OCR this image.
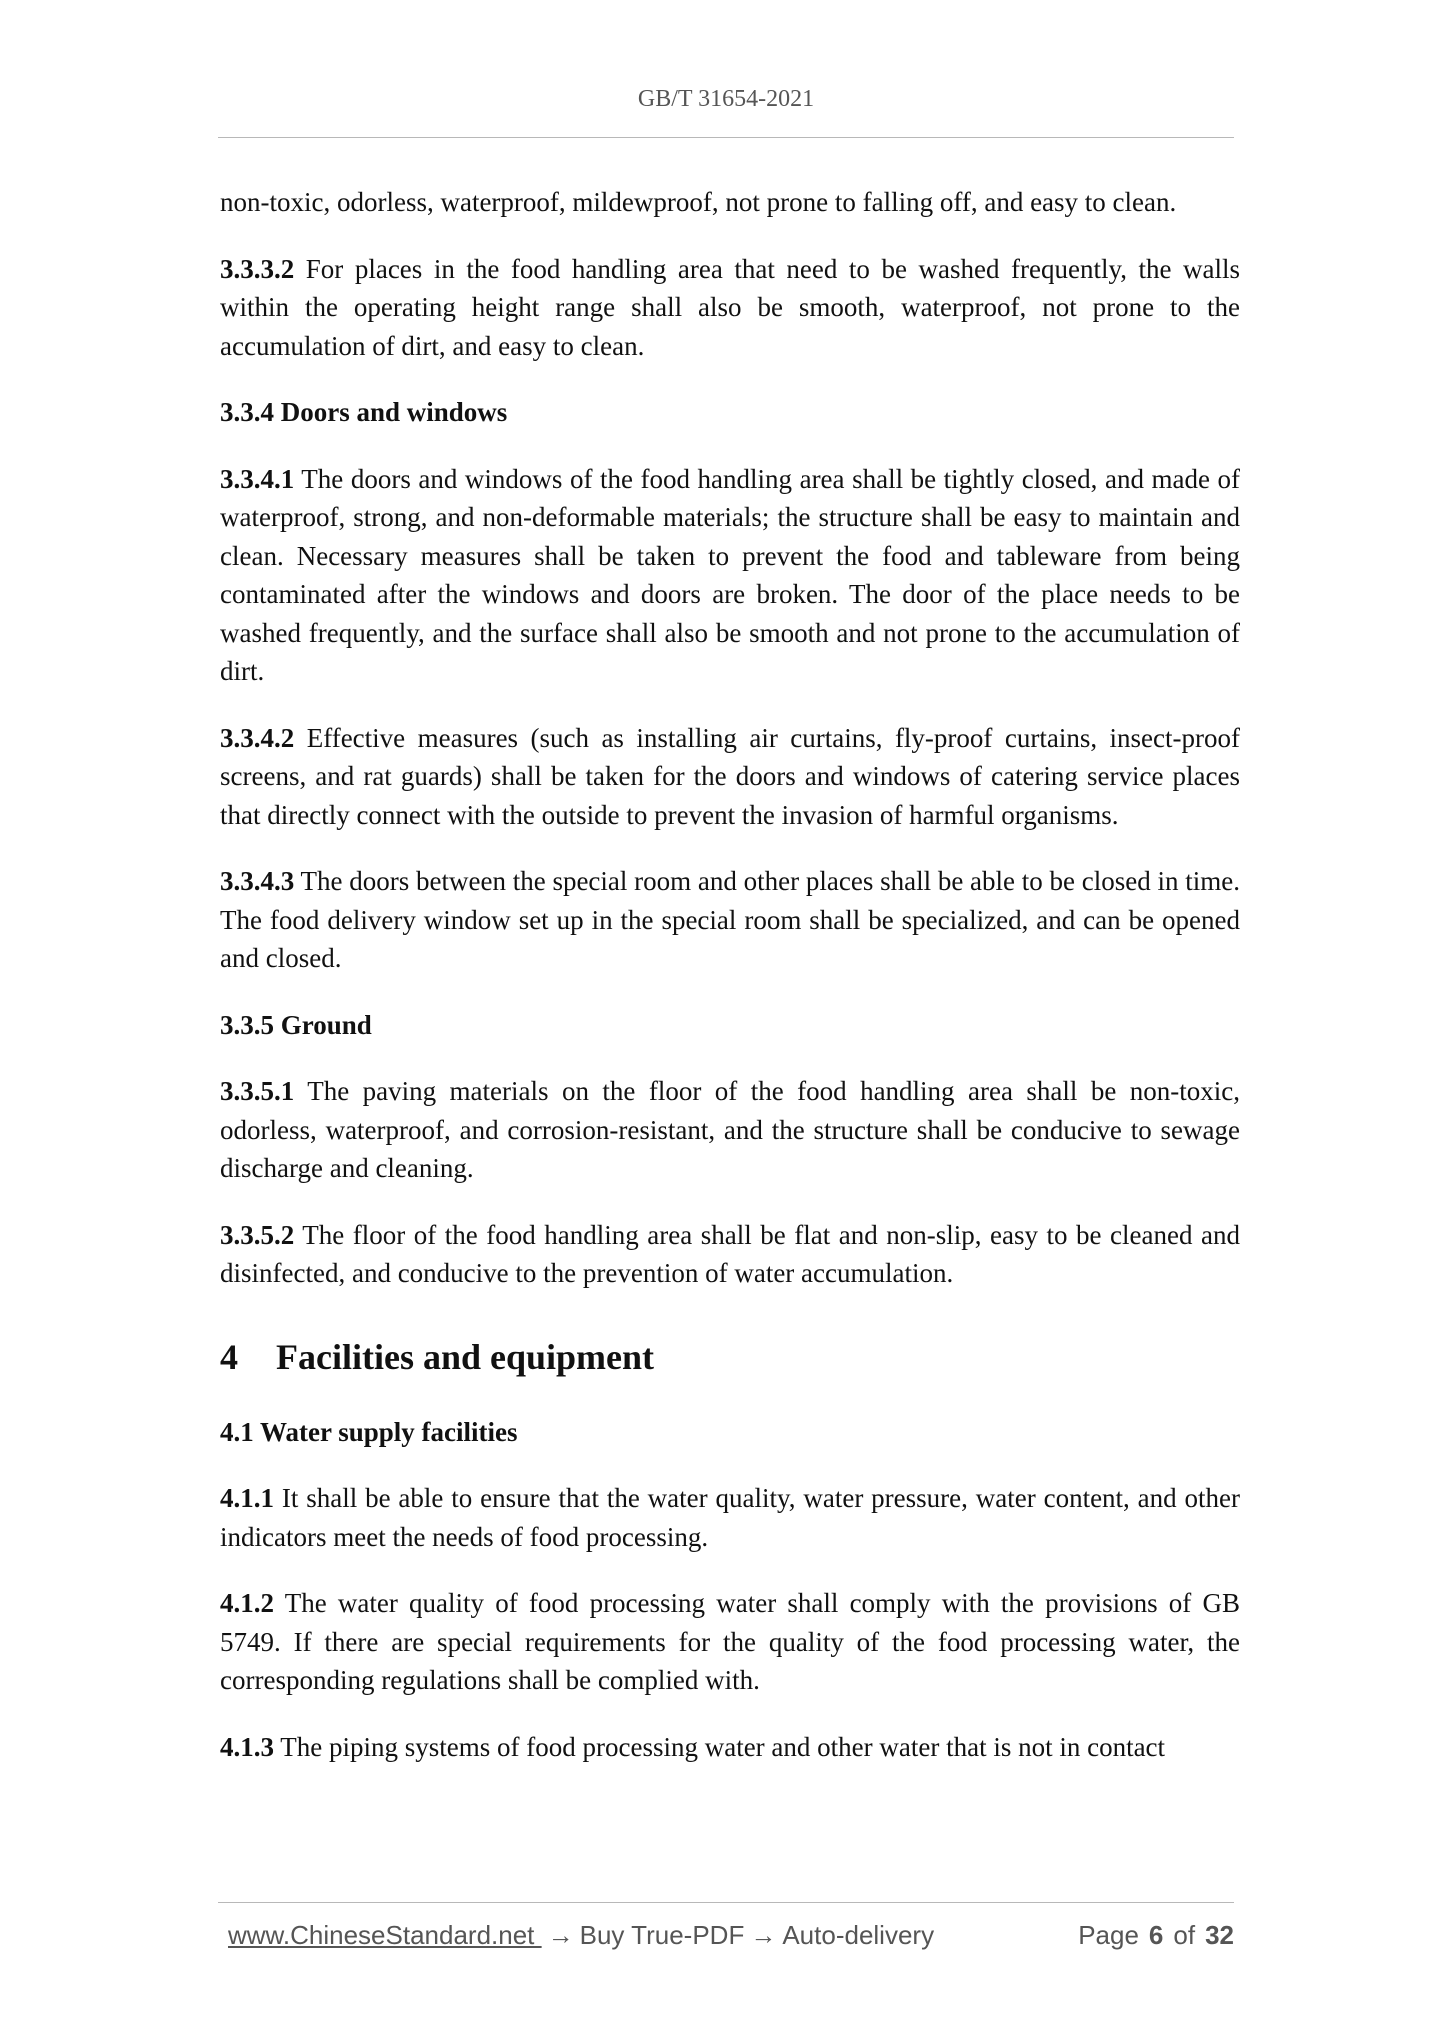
GB/T 31654-2021

non-toxic, odorless, waterproof, mildewproof, not prone to falling off, and easy to clean.

3.3.3.2 For places in the food handling area that need to be washed frequently, the walls within the operating height range shall also be smooth, waterproof, not prone to the accumulation of dirt, and easy to clean.

3.3.4 Doors and windows

3.3.4.1 The doors and windows of the food handling area shall be tightly closed, and made of waterproof, strong, and non-deformable materials; the structure shall be easy to maintain and clean. Necessary measures shall be taken to prevent the food and tableware from being contaminated after the windows and doors are broken. The door of the place needs to be washed frequently, and the surface shall also be smooth and not prone to the accumulation of dirt.

3.3.4.2 Effective measures (such as installing air curtains, fly-proof curtains, insect-proof screens, and rat guards) shall be taken for the doors and windows of catering service places that directly connect with the outside to prevent the invasion of harmful organisms.

3.3.4.3 The doors between the special room and other places shall be able to be closed in time. The food delivery window set up in the special room shall be specialized, and can be opened and closed.

3.3.5 Ground

3.3.5.1 The paving materials on the floor of the food handling area shall be non-toxic, odorless, waterproof, and corrosion-resistant, and the structure shall be conducive to sewage discharge and cleaning.

3.3.5.2 The floor of the food handling area shall be flat and non-slip, easy to be cleaned and disinfected, and conducive to the prevention of water accumulation.

4 Facilities and equipment
4.1 Water supply facilities

4.1.1 It shall be able to ensure that the water quality, water pressure, water content, and other indicators meet the needs of food processing.

4.1.2 The water quality of food processing water shall comply with the provisions of GB 5749. If there are special requirements for the quality of the food processing water, the corresponding regulations shall be complied with.

4.1.3 The piping systems of food processing water and other water that is not in contact

www.ChineseStandard.net → Buy True-PDF → Auto-delivery	Page 6 of 32
